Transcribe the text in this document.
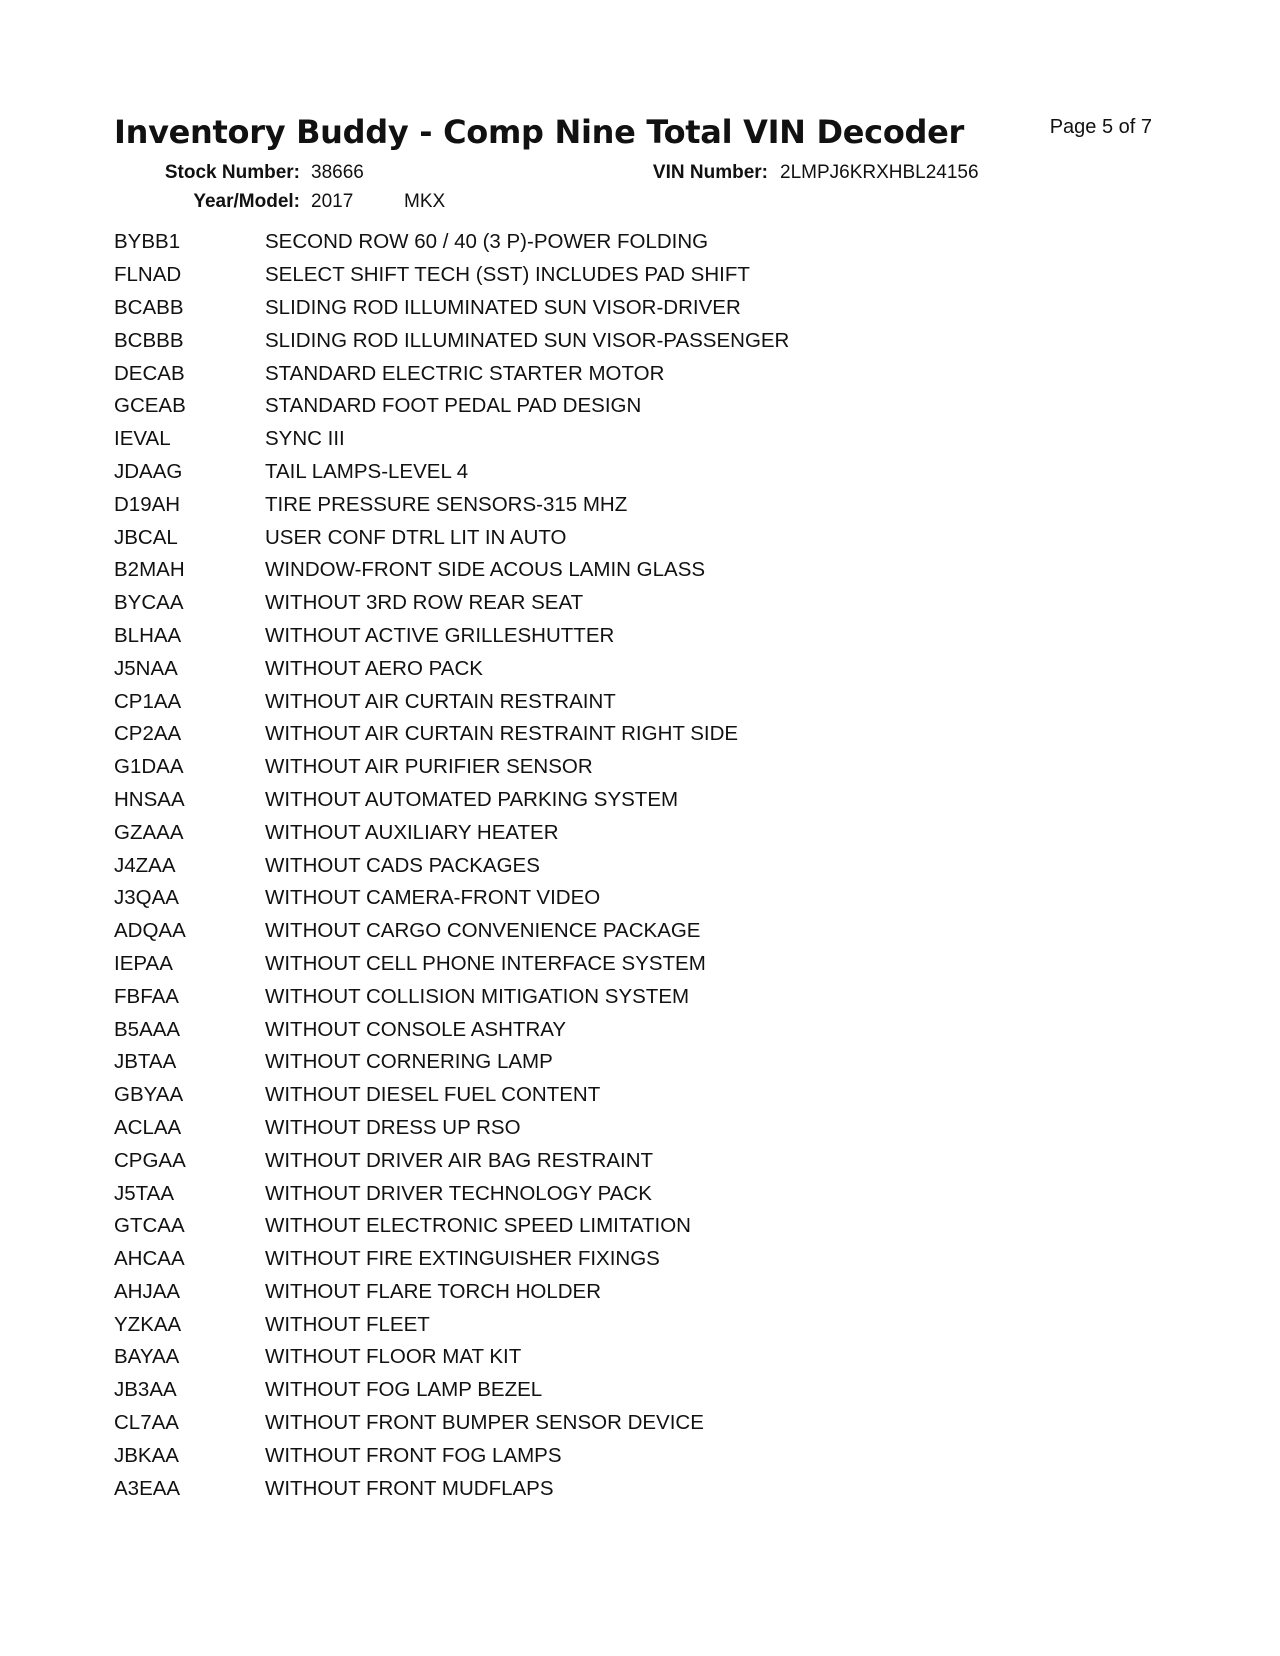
Inventory Buddy - Comp Nine Total VIN Decoder	Page 5 of 7
Stock Number: 38666	VIN Number: 2LMPJ6KRXHBL24156
Year/Model: 2017	MKX
BYBB1	SECOND ROW 60 / 40 (3 P)-POWER FOLDING
FLNAD	SELECT SHIFT TECH (SST) INCLUDES PAD SHIFT
BCABB	SLIDING ROD ILLUMINATED SUN VISOR-DRIVER
BCBBB	SLIDING ROD ILLUMINATED SUN VISOR-PASSENGER
DECAB	STANDARD ELECTRIC STARTER MOTOR
GCEAB	STANDARD FOOT PEDAL PAD DESIGN
IEVAL	SYNC III
JDAAG	TAIL LAMPS-LEVEL 4
D19AH	TIRE PRESSURE SENSORS-315 MHZ
JBCAL	USER CONF DTRL LIT IN AUTO
B2MAH	WINDOW-FRONT SIDE ACOUS LAMIN GLASS
BYCAA	WITHOUT 3RD ROW REAR SEAT
BLHAA	WITHOUT ACTIVE GRILLESHUTTER
J5NAA	WITHOUT AERO PACK
CP1AA	WITHOUT AIR CURTAIN RESTRAINT
CP2AA	WITHOUT AIR CURTAIN RESTRAINT RIGHT SIDE
G1DAA	WITHOUT AIR PURIFIER SENSOR
HNSAA	WITHOUT AUTOMATED PARKING SYSTEM
GZAAA	WITHOUT AUXILIARY HEATER
J4ZAA	WITHOUT CADS PACKAGES
J3QAA	WITHOUT CAMERA-FRONT VIDEO
ADQAA	WITHOUT CARGO CONVENIENCE PACKAGE
IEPAA	WITHOUT CELL PHONE INTERFACE SYSTEM
FBFAA	WITHOUT COLLISION MITIGATION SYSTEM
B5AAA	WITHOUT CONSOLE ASHTRAY
JBTAA	WITHOUT CORNERING LAMP
GBYAA	WITHOUT DIESEL FUEL CONTENT
ACLAA	WITHOUT DRESS UP RSO
CPGAA	WITHOUT DRIVER AIR BAG RESTRAINT
J5TAA	WITHOUT DRIVER TECHNOLOGY PACK
GTCAA	WITHOUT ELECTRONIC SPEED LIMITATION
AHCAA	WITHOUT FIRE EXTINGUISHER FIXINGS
AHJAA	WITHOUT FLARE TORCH HOLDER
YZKAA	WITHOUT FLEET
BAYAA	WITHOUT FLOOR MAT KIT
JB3AA	WITHOUT FOG LAMP BEZEL
CL7AA	WITHOUT FRONT BUMPER SENSOR DEVICE
JBKAA	WITHOUT FRONT FOG LAMPS
A3EAA	WITHOUT FRONT MUDFLAPS
